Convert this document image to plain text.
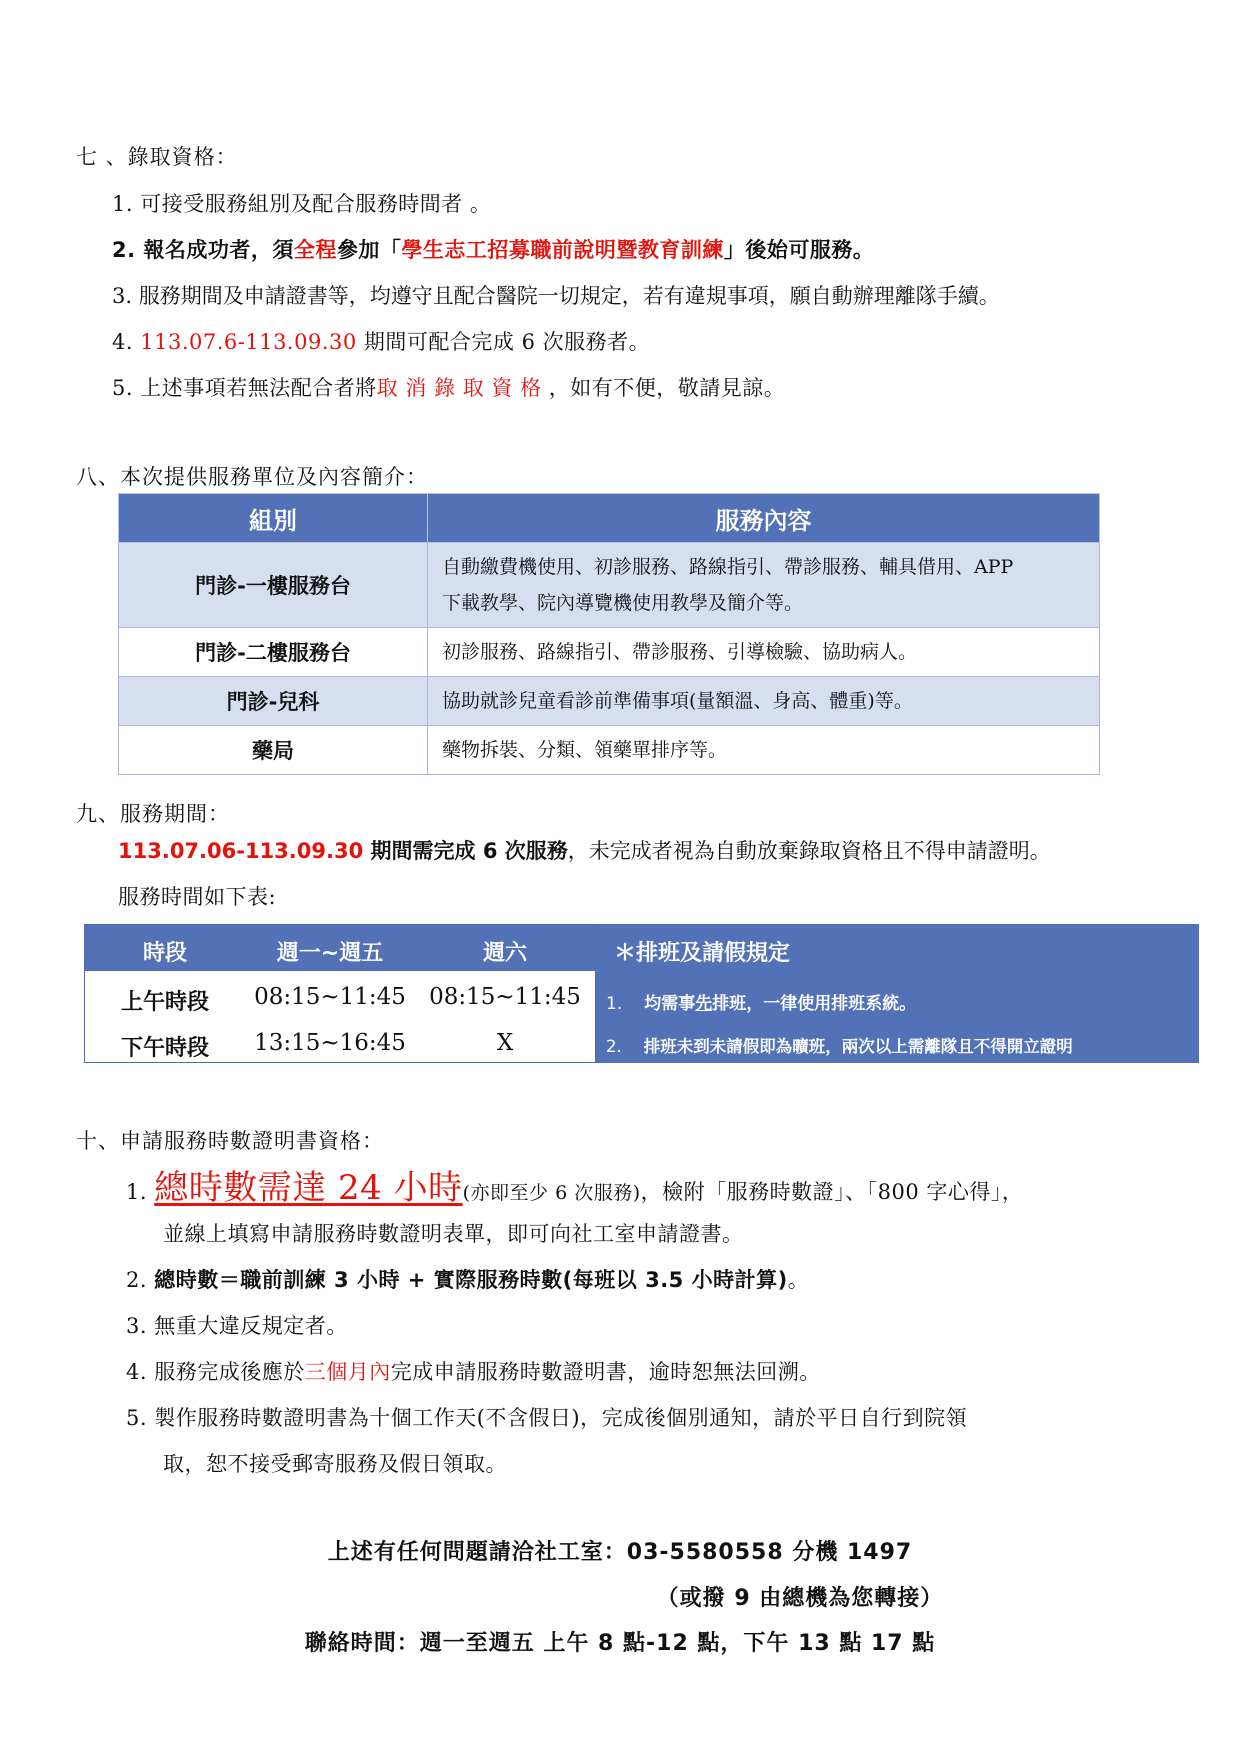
七 、錄取資格：
1. 可接受服務組別及配合服務時間者 。
2. 報名成功者，須全程參加「學生志工招募職前說明暨教育訓練」後始可服務。
3. 服務期間及申請證書等，均遵守且配合醫院一切規定，若有違規事項，願自動辦理離隊手續。
4. 113.07.6-113.09.30 期間可配合完成 6 次服務者。
5. 上述事項若無法配合者將取 消 錄 取 資 格 ，如有不便，敬請見諒。
八、本次提供服務單位及內容簡介：
組別	服務內容
門診-一樓服務台	自動繳費機使用、初診服務、路線指引、帶診服務、輔具借用、APP
下載教學、院內導覽機使用教學及簡介等。

門診-二樓服務台	初診服務、路線指引、帶診服務、引導檢驗、協助病人。
門診-兒科	協助就診兒童看診前準備事項(量額溫、身高、體重)等。
藥局	藥物拆裝、分類、領藥單排序等。
九、服務期間：
113.07.06-113.09.30 期間需完成 6 次服務，未完成者視為自動放棄錄取資格且不得申請證明。
服務時間如下表:
時段	週一~週五	週六
上午時段	08:15~11:45	08:15~11:45
下午時段	13:15~16:45	X
＊排班及請假規定
1. 均需事先排班，一律使用排班系統。
2. 排班未到未請假即為曠班，兩次以上需離隊且不得開立證明
十、申請服務時數證明書資格：
1. 總時數需達 24 小時(亦即至少 6 次服務)，檢附「服務時數證」、「800 字心得」，
並線上填寫申請服務時數證明表單，即可向社工室申請證書。
2. 總時數＝職前訓練 3 小時 + 實際服務時數(每班以 3.5 小時計算)。
3. 無重大違反規定者。
4. 服務完成後應於三個月內完成申請服務時數證明書，逾時恕無法回溯。
5. 製作服務時數證明書為十個工作天(不含假日)，完成後個別通知，請於平日自行到院領
取，恕不接受郵寄服務及假日領取。
上述有任何問題請洽社工室：03-5580558 分機 1497
（或撥 9 由總機為您轉接）
聯絡時間：週一至週五 上午 8 點-12 點，下午 13 點 17 點
